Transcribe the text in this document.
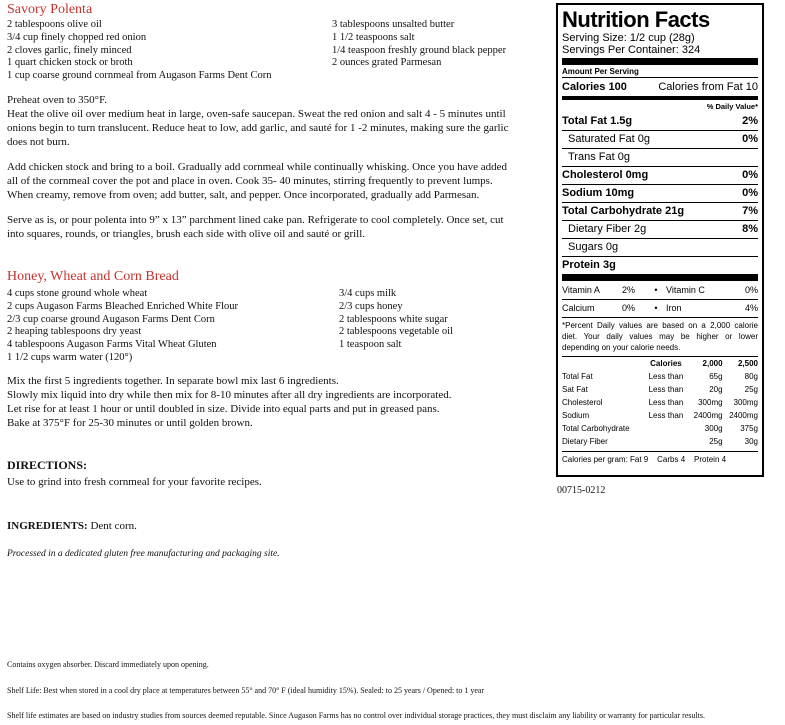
Savory Polenta
2 tablespoons olive oil
3/4 cup finely chopped red onion
2 cloves garlic, finely minced
1 quart chicken stock or broth
1 cup coarse ground cornmeal from Augason Farms Dent Corn
3 tablespoons unsalted butter
1 1/2 teaspoons salt
1/4 teaspoon freshly ground black pepper
2 ounces grated Parmesan
Preheat oven to 350°F.
Heat the olive oil over medium heat in large, oven-safe saucepan. Sweat the red onion and salt 4 - 5 minutes until onions begin to turn translucent. Reduce heat to low, add garlic, and sauté for 1 -2 minutes, making sure the garlic does not burn.
Add chicken stock and bring to a boil. Gradually add cornmeal while continually whisking. Once you have added all of the cornmeal cover the pot and place in oven. Cook 35- 40 minutes, stirring frequently to prevent lumps. When creamy, remove from oven; add butter, salt, and pepper. Once incorporated, gradually add Parmesan.
Serve as is, or pour polenta into 9” x 13” parchment lined cake pan. Refrigerate to cool completely. Once set, cut into squares, rounds, or triangles, brush each side with olive oil and sauté or grill.
Honey, Wheat and Corn Bread
4 cups stone ground whole wheat
2 cups Augason Farms Bleached Enriched White Flour
2/3 cup coarse ground Augason Farms Dent Corn
2 heaping tablespoons dry yeast
4 tablespoons Augason Farms Vital Wheat Gluten
1 1/2 cups warm water (120°)
3/4 cups milk
2/3 cups honey
2 tablespoons white sugar
2 tablespoons vegetable oil
1 teaspoon salt
Mix the first 5 ingredients together. In separate bowl mix last 6 ingredients.
Slowly mix liquid into dry while then mix for 8-10 minutes after all dry ingredients are incorporated.
Let rise for at least 1 hour or until doubled in size. Divide into equal parts and put in greased pans.
Bake at 375°F for 25-30 minutes or until golden brown.
DIRECTIONS:
Use to grind into fresh cornmeal for your favorite recipes.
INGREDIENTS: Dent corn.
Processed in a dedicated gluten free manufacturing and packaging site.
Contains oxygen absorber. Discard immediately upon opening.
Shelf Life: Best when stored in a cool dry place at temperatures between 55° and 70° F (ideal humidity 15%). Sealed: to 25 years / Opened: to 1 year
Shelf life estimates are based on industry studies from sources deemed reputable. Since Augason Farms has no control over individual storage practices, they must disclaim any liability or warranty for particular results.
Nutrition Facts
Serving Size: 1/2 cup (28g)
Servings Per Container: 324
Amount Per Serving
Calories 100	Calories from Fat 10
% Daily Value*
Total Fat 1.5g	2%
Saturated Fat 0g	0%
Trans Fat 0g
Cholesterol 0mg	0%
Sodium 10mg	0%
Total Carbohydrate 21g	7%
Dietary Fiber 2g	8%
Sugars 0g
Protein 3g
Vitamin A	2%	• Vitamin C	0%
Calcium	0%	• Iron	4%
*Percent Daily values are based on a 2,000 calorie diet. Your daily values may be higher or lower depending on your calorie needs.
	Calories	2,000	2,500
Total Fat	Less than	65g	80g
Sat Fat	Less than	20g	25g
Cholesterol	Less than	300mg	300mg
Sodium	Less than	2400mg	2400mg
Total Carbohydrate		300g	375g
Dietary Fiber		25g	30g
Calories per gram: Fat 9    Carbs 4    Protein 4
00715-0212
